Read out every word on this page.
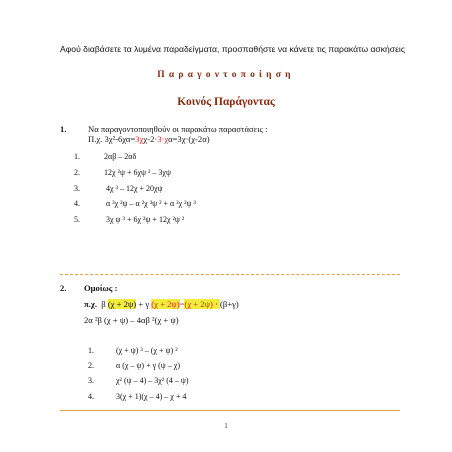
Αφού διαβάσετε τα λυμένα παραδείγματα, προσπαθήστε να κάνετε τις παρακάτω ασκήσεις
Παραγοντοποίηση
Κοινός Παράγοντας
1.	Να παραγοντοποιηθούν οι παρακάτω παραστάσεις :
Π.χ. 3χ²-6χα=3χχ-2·3·χα=3χ·(χ-2α)
1.	2αβ – 2αδ
2.	12χ ²ψ + 6χψ ² – 3χψ
3.	4χ ³ – 12χ + 20χψ
4.	α ³χ ²ψ – α ²χ ³ψ ² + α ²χ ²ψ ³
5.	3χ ψ ³ + 6χ ²ψ + 12χ ²ψ ²
2. Ομοίως :
π.χ. β (χ + 2ψ) + γ (χ + 2ψ)=(χ + 2ψ) · (β+γ)
2α ²β (χ + ψ) – 4αβ ²(χ + ψ)
1.	(χ + ψ) ³ – (χ + ψ) ²
2.	α (χ – ψ) + γ (ψ – χ)
3.	χ² (ψ – 4) – 3χ² (4 – ψ)
4.	3(χ + 1)(χ – 4) – χ + 4
1
